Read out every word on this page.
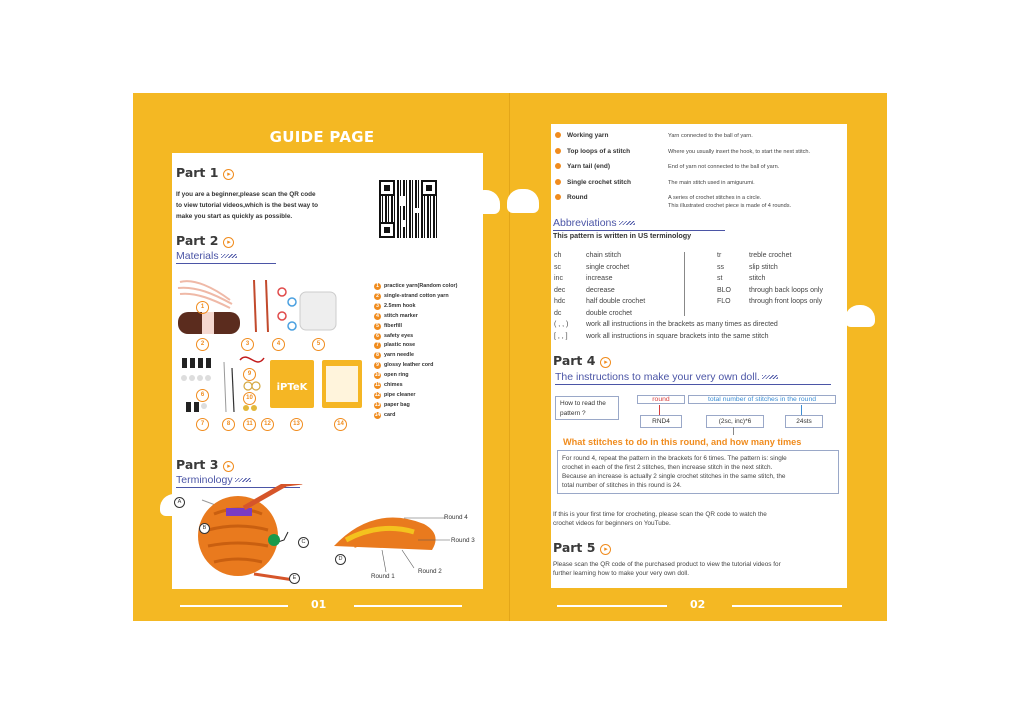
GUIDE PAGE
Part 1 ▸
If you are a beginner,please scan the QR code
to view tutorial videos,which is the best way to
make you start as quickly as possible.
Part 2 ▸
Materials
iPTeK
1
2	3	4	5
6
7	8
9
10
11	12	13	14
1 practice yarn(Random color)
2 single-strand cotton yarn
3 2.5mm hook
4 stitch marker
5 fiberfill
6 safety eyes
7 plastic nose
8 yarn needle
9 glossy leather cord
10 open ring
11 chimes
12 pipe cleaner
13 paper bag
14 card
Part 3 ▸
Terminology
A
B
C
D
E
Round 4
Round 3
Round 2
Round 1
01
Working yarn	Yarn connected to the ball of yarn.
Top loops of a stitch	Where you usually insert the hook, to start the next stitch.
Yarn tail (end)	End of yarn not connected to the ball of yarn.
Single crochet stitch	The main stitch used in amigurumi.
Round	A series of crochet stitches in a circle.
This illustrated crochet piece is made of 4 rounds.
Abbreviations
This pattern is written in US terminology
ch	chain stitch
sc	single crochet
inc	increase
dec	decrease
hdc	half double crochet
dc	double crochet
( , , )	work all instructions in the brackets as many times as directed
[ , , ]	work all instructions in square brackets into the same stitch
tr	treble crochet
ss	slip stitch
st	stitch
BLO	through back loops only
FLO	through front loops only
Part 4 ▸
The instructions to make your very own doll.
How to read the pattern ?
round	total number of stitches in the round
RND4	(2sc, inc)*6	24sts
What stitches to do in this round, and how many times
For round 4, repeat the pattern in the brackets for 6 times. The pattern is: single
crochet in each of the first 2 stitches, then increase stitch in the next stitch.
Because an increase is actually 2 single crochet stitches in the same stitch, the
total number of stitches in this round is 24.
If this is your first time for crocheting, please scan the QR code to watch the
crochet videos for beginners on YouTube.
Part 5 ▸
Please scan the QR code of the purchased product to view the tutorial videos for
further learning how to make your very own doll.
02
